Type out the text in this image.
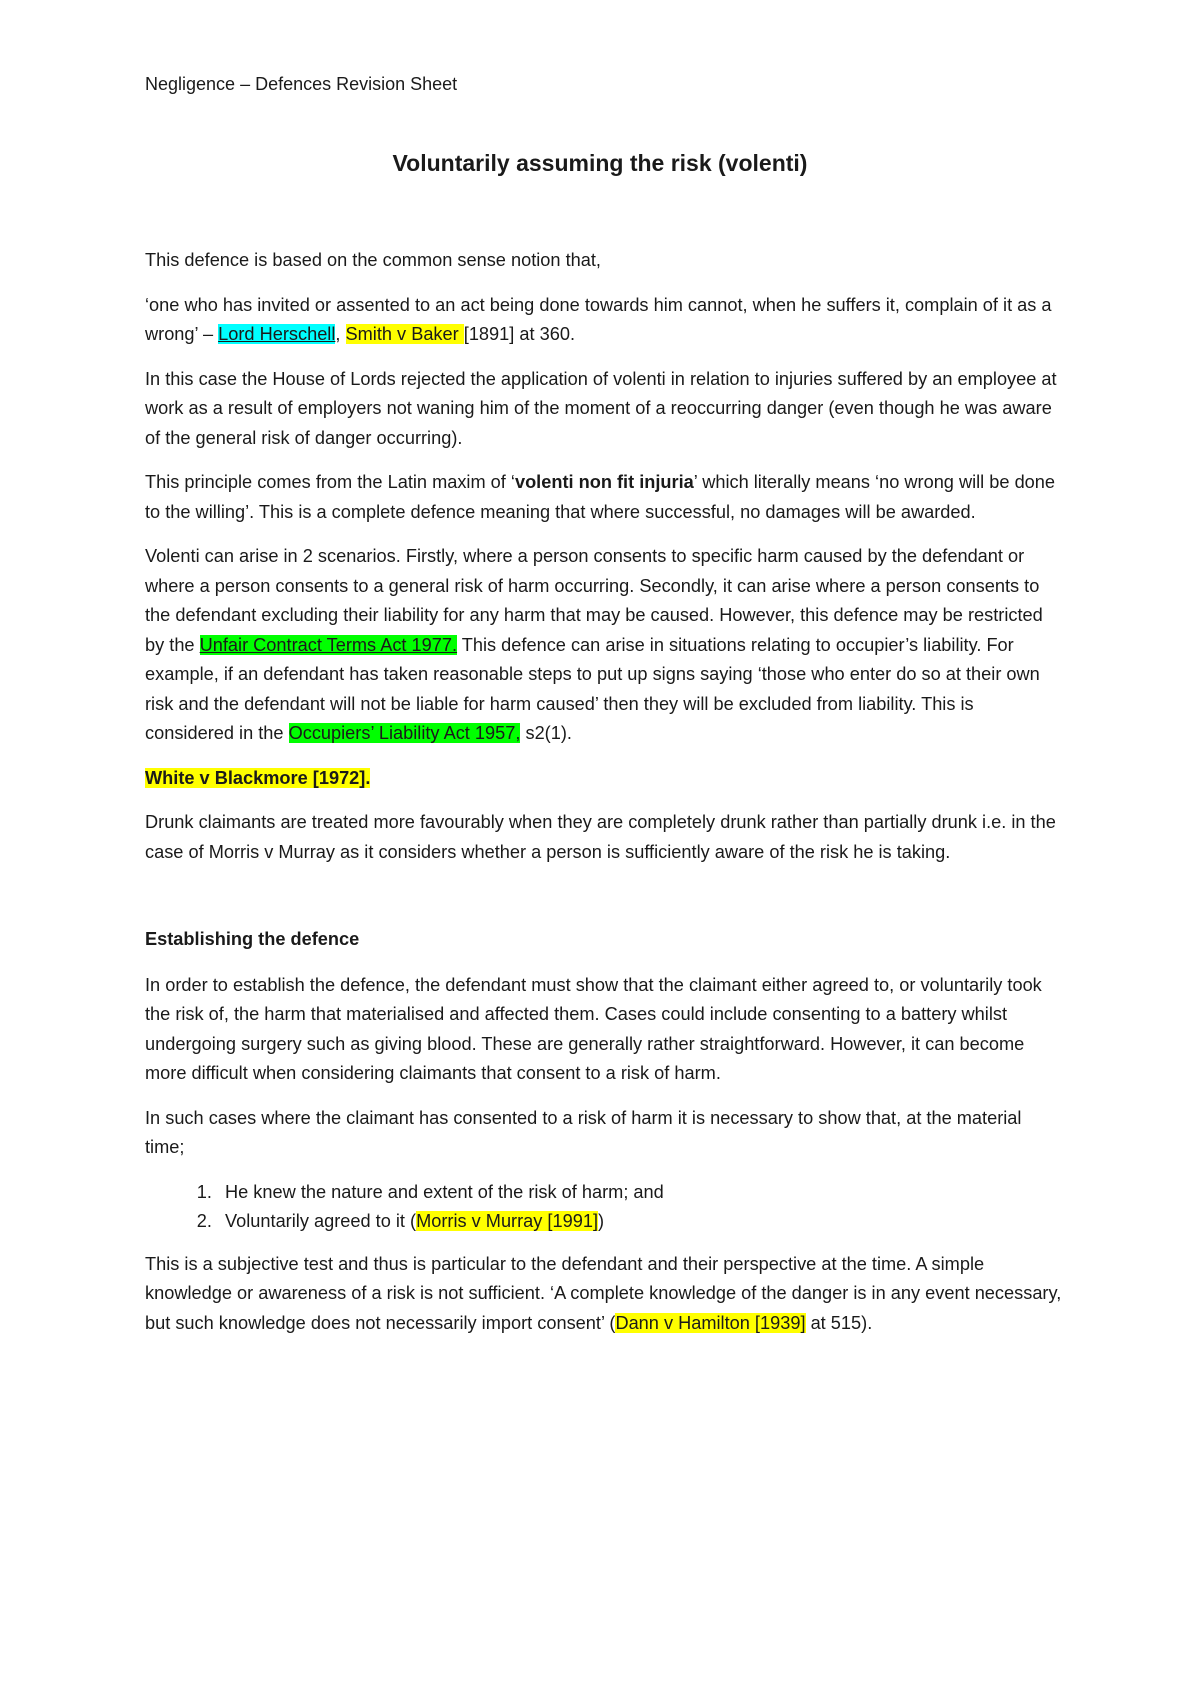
Negligence – Defences Revision Sheet
Voluntarily assuming the risk (volenti)

This defence is based on the common sense notion that,

‘one who has invited or assented to an act being done towards him cannot, when he suffers it, complain of it as a wrong’ – Lord Herschell, Smith v Baker [1891] at 360.

In this case the House of Lords rejected the application of volenti in relation to injuries suffered by an employee at work as a result of employers not waning him of the moment of a reoccurring danger (even though he was aware of the general risk of danger occurring).

This principle comes from the Latin maxim of ‘volenti non fit injuria’ which literally means ‘no wrong will be done to the willing’. This is a complete defence meaning that where successful, no damages will be awarded.

Volenti can arise in 2 scenarios. Firstly, where a person consents to specific harm caused by the defendant or where a person consents to a general risk of harm occurring. Secondly, it can arise where a person consents to the defendant excluding their liability for any harm that may be caused. However, this defence may be restricted by the Unfair Contract Terms Act 1977. This defence can arise in situations relating to occupier’s liability. For example, if an defendant has taken reasonable steps to put up signs saying ‘those who enter do so at their own risk and the defendant will not be liable for harm caused’ then they will be excluded from liability. This is considered in the Occupiers’ Liability Act 1957, s2(1).

White v Blackmore [1972].

Drunk claimants are treated more favourably when they are completely drunk rather than partially drunk i.e. in the case of Morris v Murray as it considers whether a person is sufficiently aware of the risk he is taking.

Establishing the defence

In order to establish the defence, the defendant must show that the claimant either agreed to, or voluntarily took the risk of, the harm that materialised and affected them. Cases could include consenting to a battery whilst undergoing surgery such as giving blood. These are generally rather straightforward. However, it can become more difficult when considering claimants that consent to a risk of harm.

In such cases where the claimant has consented to a risk of harm it is necessary to show that, at the material time;

1. He knew the nature and extent of the risk of harm; and
2. Voluntarily agreed to it (Morris v Murray [1991])

This is a subjective test and thus is particular to the defendant and their perspective at the time. A simple knowledge or awareness of a risk is not sufficient. ‘A complete knowledge of the danger is in any event necessary, but such knowledge does not necessarily import consent’ (Dann v Hamilton [1939] at 515).
